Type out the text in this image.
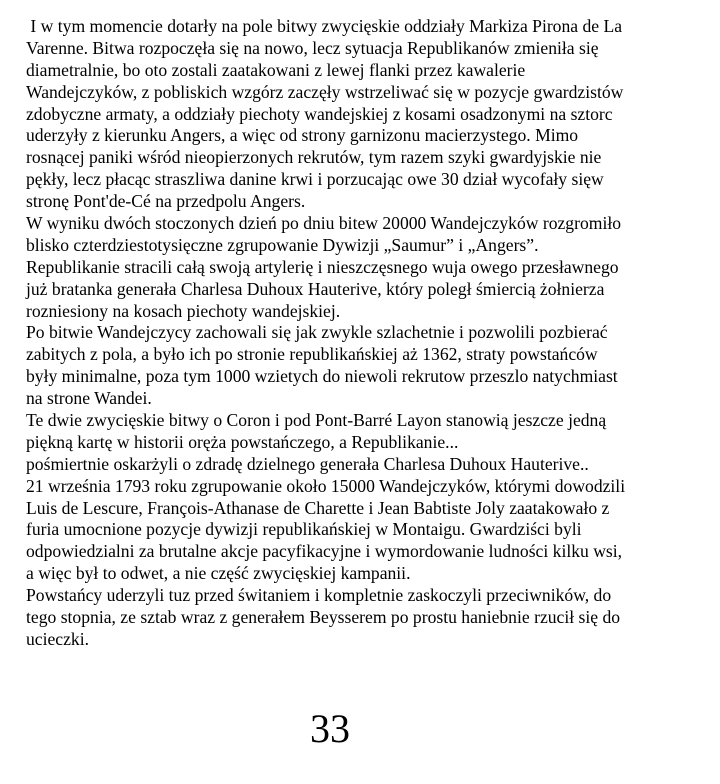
I w tym momencie dotarły na pole bitwy zwycięskie oddziały Markiza Pirona de La
Varenne. Bitwa rozpoczęła się na nowo, lecz sytuacja Republikanów zmieniła się
diametralnie, bo oto zostali zaatakowani z lewej flanki przez kawalerie
Wandejczyków, z pobliskich wzgórz zaczęły wstrzeliwać się w pozycje gwardzistów
zdobyczne armaty, a oddziały piechoty wandejskiej z kosami osadzonymi na sztorc
uderzyły z kierunku Angers, a więc od strony garnizonu macierzystego. Mimo
rosnącej paniki wśród nieopierzonych rekrutów, tym razem szyki gwardyjskie nie
pękły, lecz płacąc straszliwa danine krwi i porzucając owe 30 dział wycofały sięw
stronę Pont'de-Cé na przedpolu Angers.
W wyniku dwóch stoczonych dzień po dniu bitew 20000 Wandejczyków rozgromiło
blisko czterdziestotysięczne zgrupowanie Dywizji „Saumur” i „Angers”.
Republikanie stracili całą swoją artylerię i nieszczęsnego wuja owego przesławnego
już bratanka generała Charlesa Duhoux Hauterive, który poległ śmiercią żołnierza
rozniesiony na kosach piechoty wandejskiej.
Po bitwie Wandejczycy zachowali się jak zwykle szlachetnie i pozwolili pozbierać
zabitych z pola, a było ich po stronie republikańskiej aż 1362, straty powstańców
były minimalne, poza tym 1000 wzietych do niewoli rekrutow przeszlo natychmiast
na strone Wandei.
Te dwie zwycięskie bitwy o Coron i pod Pont-Barré Layon stanowią jeszcze jedną
piękną kartę w historii oręża powstańczego, a Republikanie...
pośmiertnie oskarżyli o zdradę dzielnego generała Charlesa Duhoux Hauterive..
21 września 1793 roku zgrupowanie około 15000 Wandejczyków, którymi dowodzili
Luis de Lescure, François-Athanase de Charette i Jean Babtiste Joly zaatakowało z
furia umocnione pozycje dywizji republikańskiej w Montaigu. Gwardziści byli
odpowiedzialni za brutalne akcje pacyfikacyjne i wymordowanie ludności kilku wsi,
a więc był to odwet, a nie część zwycięskiej kampanii.
Powstańcy uderzyli tuz przed świtaniem i kompletnie zaskoczyli przeciwników, do
tego stopnia, ze sztab wraz z generałem Beysserem po prostu haniebnie rzucił się do
ucieczki.
33
